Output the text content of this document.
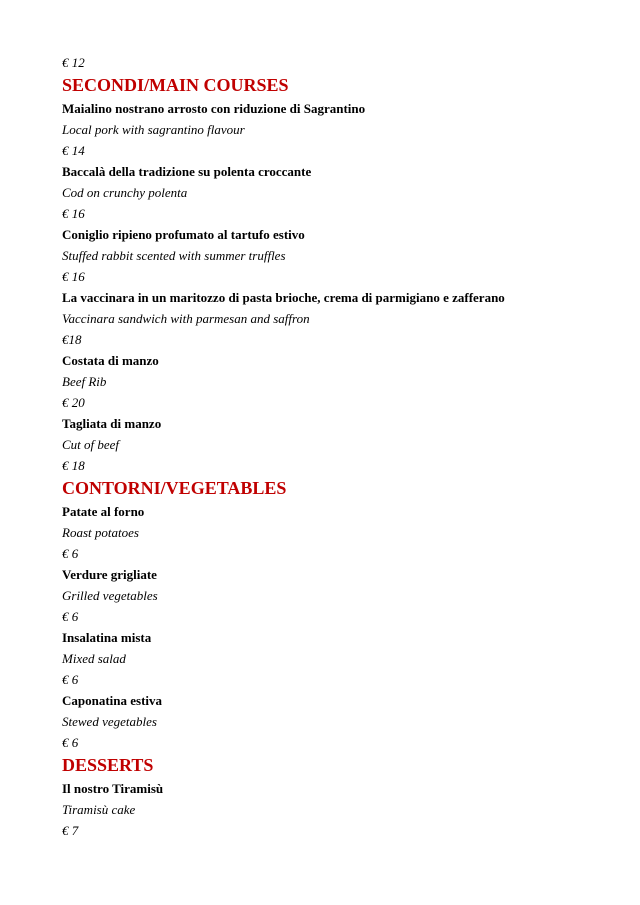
€ 12
SECONDI/MAIN COURSES
Maialino nostrano arrosto con riduzione di Sagrantino
Local pork with sagrantino flavour
€ 14
Baccalà della tradizione su polenta croccante
Cod on crunchy polenta
€ 16
Coniglio ripieno profumato al tartufo estivo
Stuffed rabbit scented with summer truffles
€ 16
La vaccinara in un maritozzo di pasta brioche, crema di parmigiano e zafferano
Vaccinara sandwich with parmesan and saffron
€18
Costata di manzo
Beef Rib
€ 20
Tagliata di manzo
Cut of beef
€ 18
CONTORNI/VEGETABLES
Patate al forno
Roast potatoes
€ 6
Verdure grigliate
Grilled vegetables
€ 6
Insalatina mista
Mixed salad
€ 6
Caponatina estiva
Stewed vegetables
€ 6
DESSERTS
Il nostro Tiramisù
Tiramisù cake
€ 7
